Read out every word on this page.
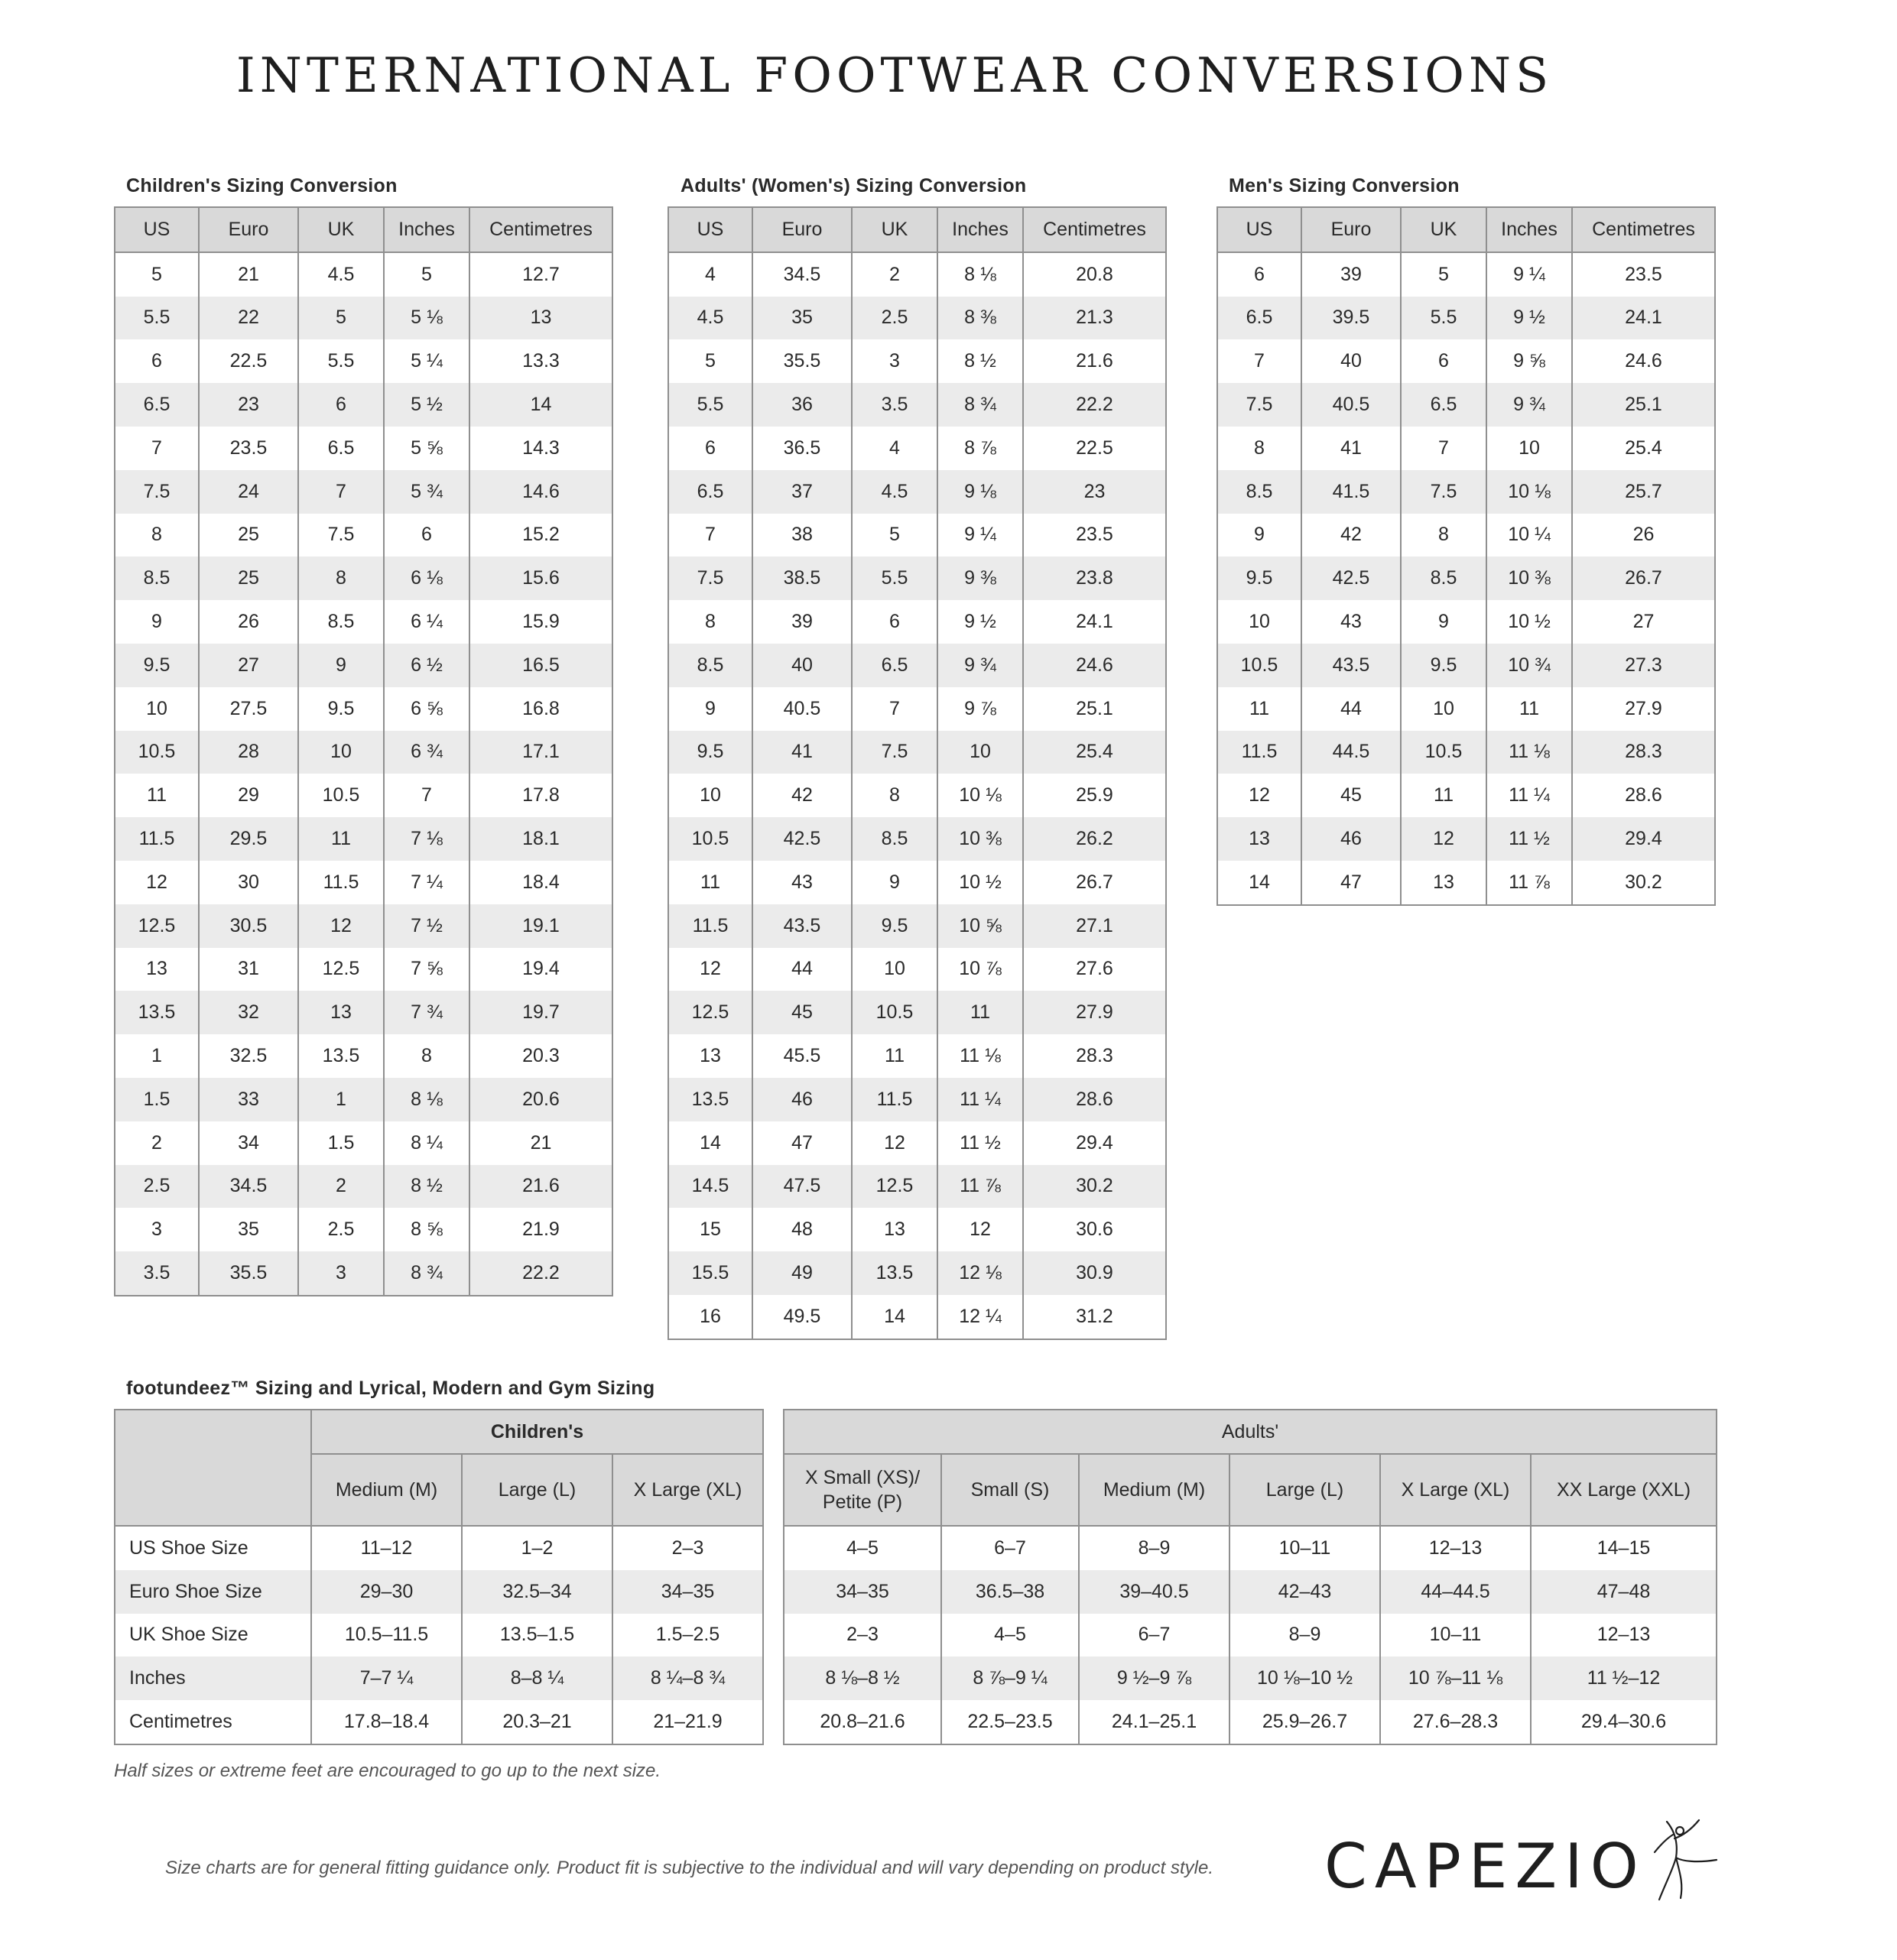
INTERNATIONAL FOOTWEAR CONVERSIONS
Children's Sizing Conversion
US	Euro	UK	Inches	Centimetres
5	21	4.5	5	12.7
5.5	22	5	5 ⅛	13
6	22.5	5.5	5 ¼	13.3
6.5	23	6	5 ½	14
7	23.5	6.5	5 ⅝	14.3
7.5	24	7	5 ¾	14.6
8	25	7.5	6	15.2
8.5	25	8	6 ⅛	15.6
9	26	8.5	6 ¼	15.9
9.5	27	9	6 ½	16.5
10	27.5	9.5	6 ⅝	16.8
10.5	28	10	6 ¾	17.1
11	29	10.5	7	17.8
11.5	29.5	11	7 ⅛	18.1
12	30	11.5	7 ¼	18.4
12.5	30.5	12	7 ½	19.1
13	31	12.5	7 ⅝	19.4
13.5	32	13	7 ¾	19.7
1	32.5	13.5	8	20.3
1.5	33	1	8 ⅛	20.6
2	34	1.5	8 ¼	21
2.5	34.5	2	8 ½	21.6
3	35	2.5	8 ⅝	21.9
3.5	35.5	3	8 ¾	22.2
Adults' (Women's) Sizing Conversion
US	Euro	UK	Inches	Centimetres
4	34.5	2	8 ⅛	20.8
4.5	35	2.5	8 ⅜	21.3
5	35.5	3	8 ½	21.6
5.5	36	3.5	8 ¾	22.2
6	36.5	4	8 ⅞	22.5
6.5	37	4.5	9 ⅛	23
7	38	5	9 ¼	23.5
7.5	38.5	5.5	9 ⅜	23.8
8	39	6	9 ½	24.1
8.5	40	6.5	9 ¾	24.6
9	40.5	7	9 ⅞	25.1
9.5	41	7.5	10	25.4
10	42	8	10 ⅛	25.9
10.5	42.5	8.5	10 ⅜	26.2
11	43	9	10 ½	26.7
11.5	43.5	9.5	10 ⅝	27.1
12	44	10	10 ⅞	27.6
12.5	45	10.5	11	27.9
13	45.5	11	11 ⅛	28.3
13.5	46	11.5	11 ¼	28.6
14	47	12	11 ½	29.4
14.5	47.5	12.5	11 ⅞	30.2
15	48	13	12	30.6
15.5	49	13.5	12 ⅛	30.9
16	49.5	14	12 ¼	31.2
Men's Sizing Conversion
US	Euro	UK	Inches	Centimetres
6	39	5	9 ¼	23.5
6.5	39.5	5.5	9 ½	24.1
7	40	6	9 ⅝	24.6
7.5	40.5	6.5	9 ¾	25.1
8	41	7	10	25.4
8.5	41.5	7.5	10 ⅛	25.7
9	42	8	10 ¼	26
9.5	42.5	8.5	10 ⅜	26.7
10	43	9	10 ½	27
10.5	43.5	9.5	10 ¾	27.3
11	44	10	11	27.9
11.5	44.5	10.5	11 ⅛	28.3
12	45	11	11 ¼	28.6
13	46	12	11 ½	29.4
14	47	13	11 ⅞	30.2
footundeez™ Sizing and Lyrical, Modern and Gym Sizing
	Children's		
	Medium (M)	Large (L)	X Large (XL)
US Shoe Size	11–12	1–2	2–3
Euro Shoe Size	29–30	32.5–34	34–35
UK Shoe Size	10.5–11.5	13.5–1.5	1.5–2.5
Inches	7–7 ¼	8–8 ¼	8 ¼–8 ¾
Centimetres	17.8–18.4	20.3–21	21–21.9
Adults'					
X Small (XS)/
Petite (P)	Small (S)	Medium (M)	Large (L)	X Large (XL)	XX Large (XXL)
4–5	6–7	8–9	10–11	12–13	14–15
34–35	36.5–38	39–40.5	42–43	44–44.5	47–48
2–3	4–5	6–7	8–9	10–11	12–13
8 ⅛–8 ½	8 ⅞–9 ¼	9 ½–9 ⅞	10 ⅛–10 ½	10 ⅞–11 ⅛	11 ½–12
20.8–21.6	22.5–23.5	24.1–25.1	25.9–26.7	27.6–28.3	29.4–30.6
Half sizes or extreme feet are encouraged to go up to the next size.
Size charts are for general fitting guidance only. Product fit is subjective to the individual and will vary depending on product style. CAPEZIO
